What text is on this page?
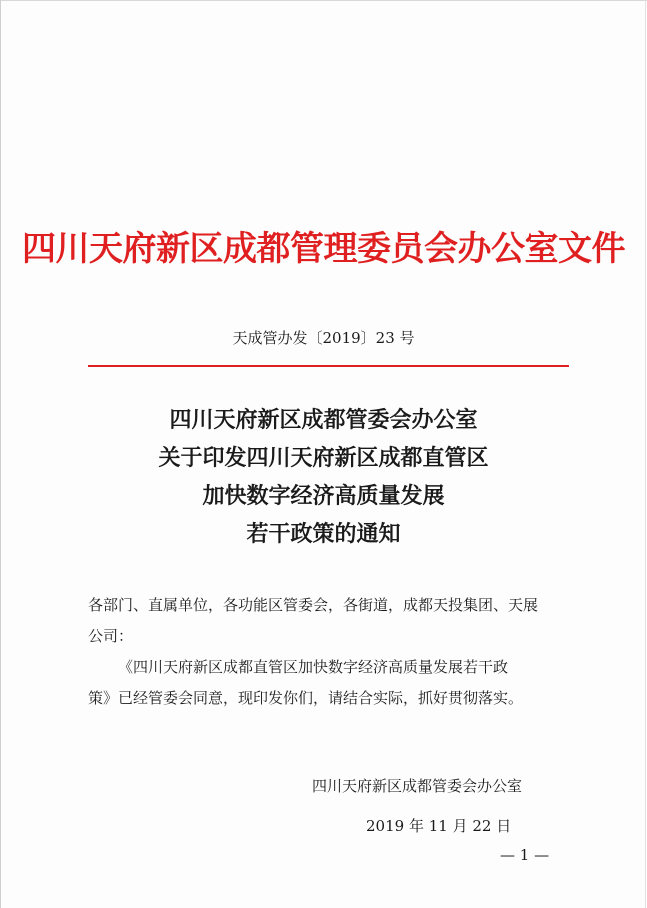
四川天府新区成都管理委员会办公室文件
天成管办发〔2019〕23 号
四川天府新区成都管委会办公室
关于印发四川天府新区成都直管区
加快数字经济高质量发展
若干政策的通知

各部门、直属单位，各功能区管委会，各街道，成都天投集团、天展

公司：

《四川天府新区成都直管区加快数字经济高质量发展若干政

策》已经管委会同意，现印发你们，请结合实际，抓好贯彻落实。

四川天府新区成都管委会办公室
2019 年 11 月 22 日
— 1 —
